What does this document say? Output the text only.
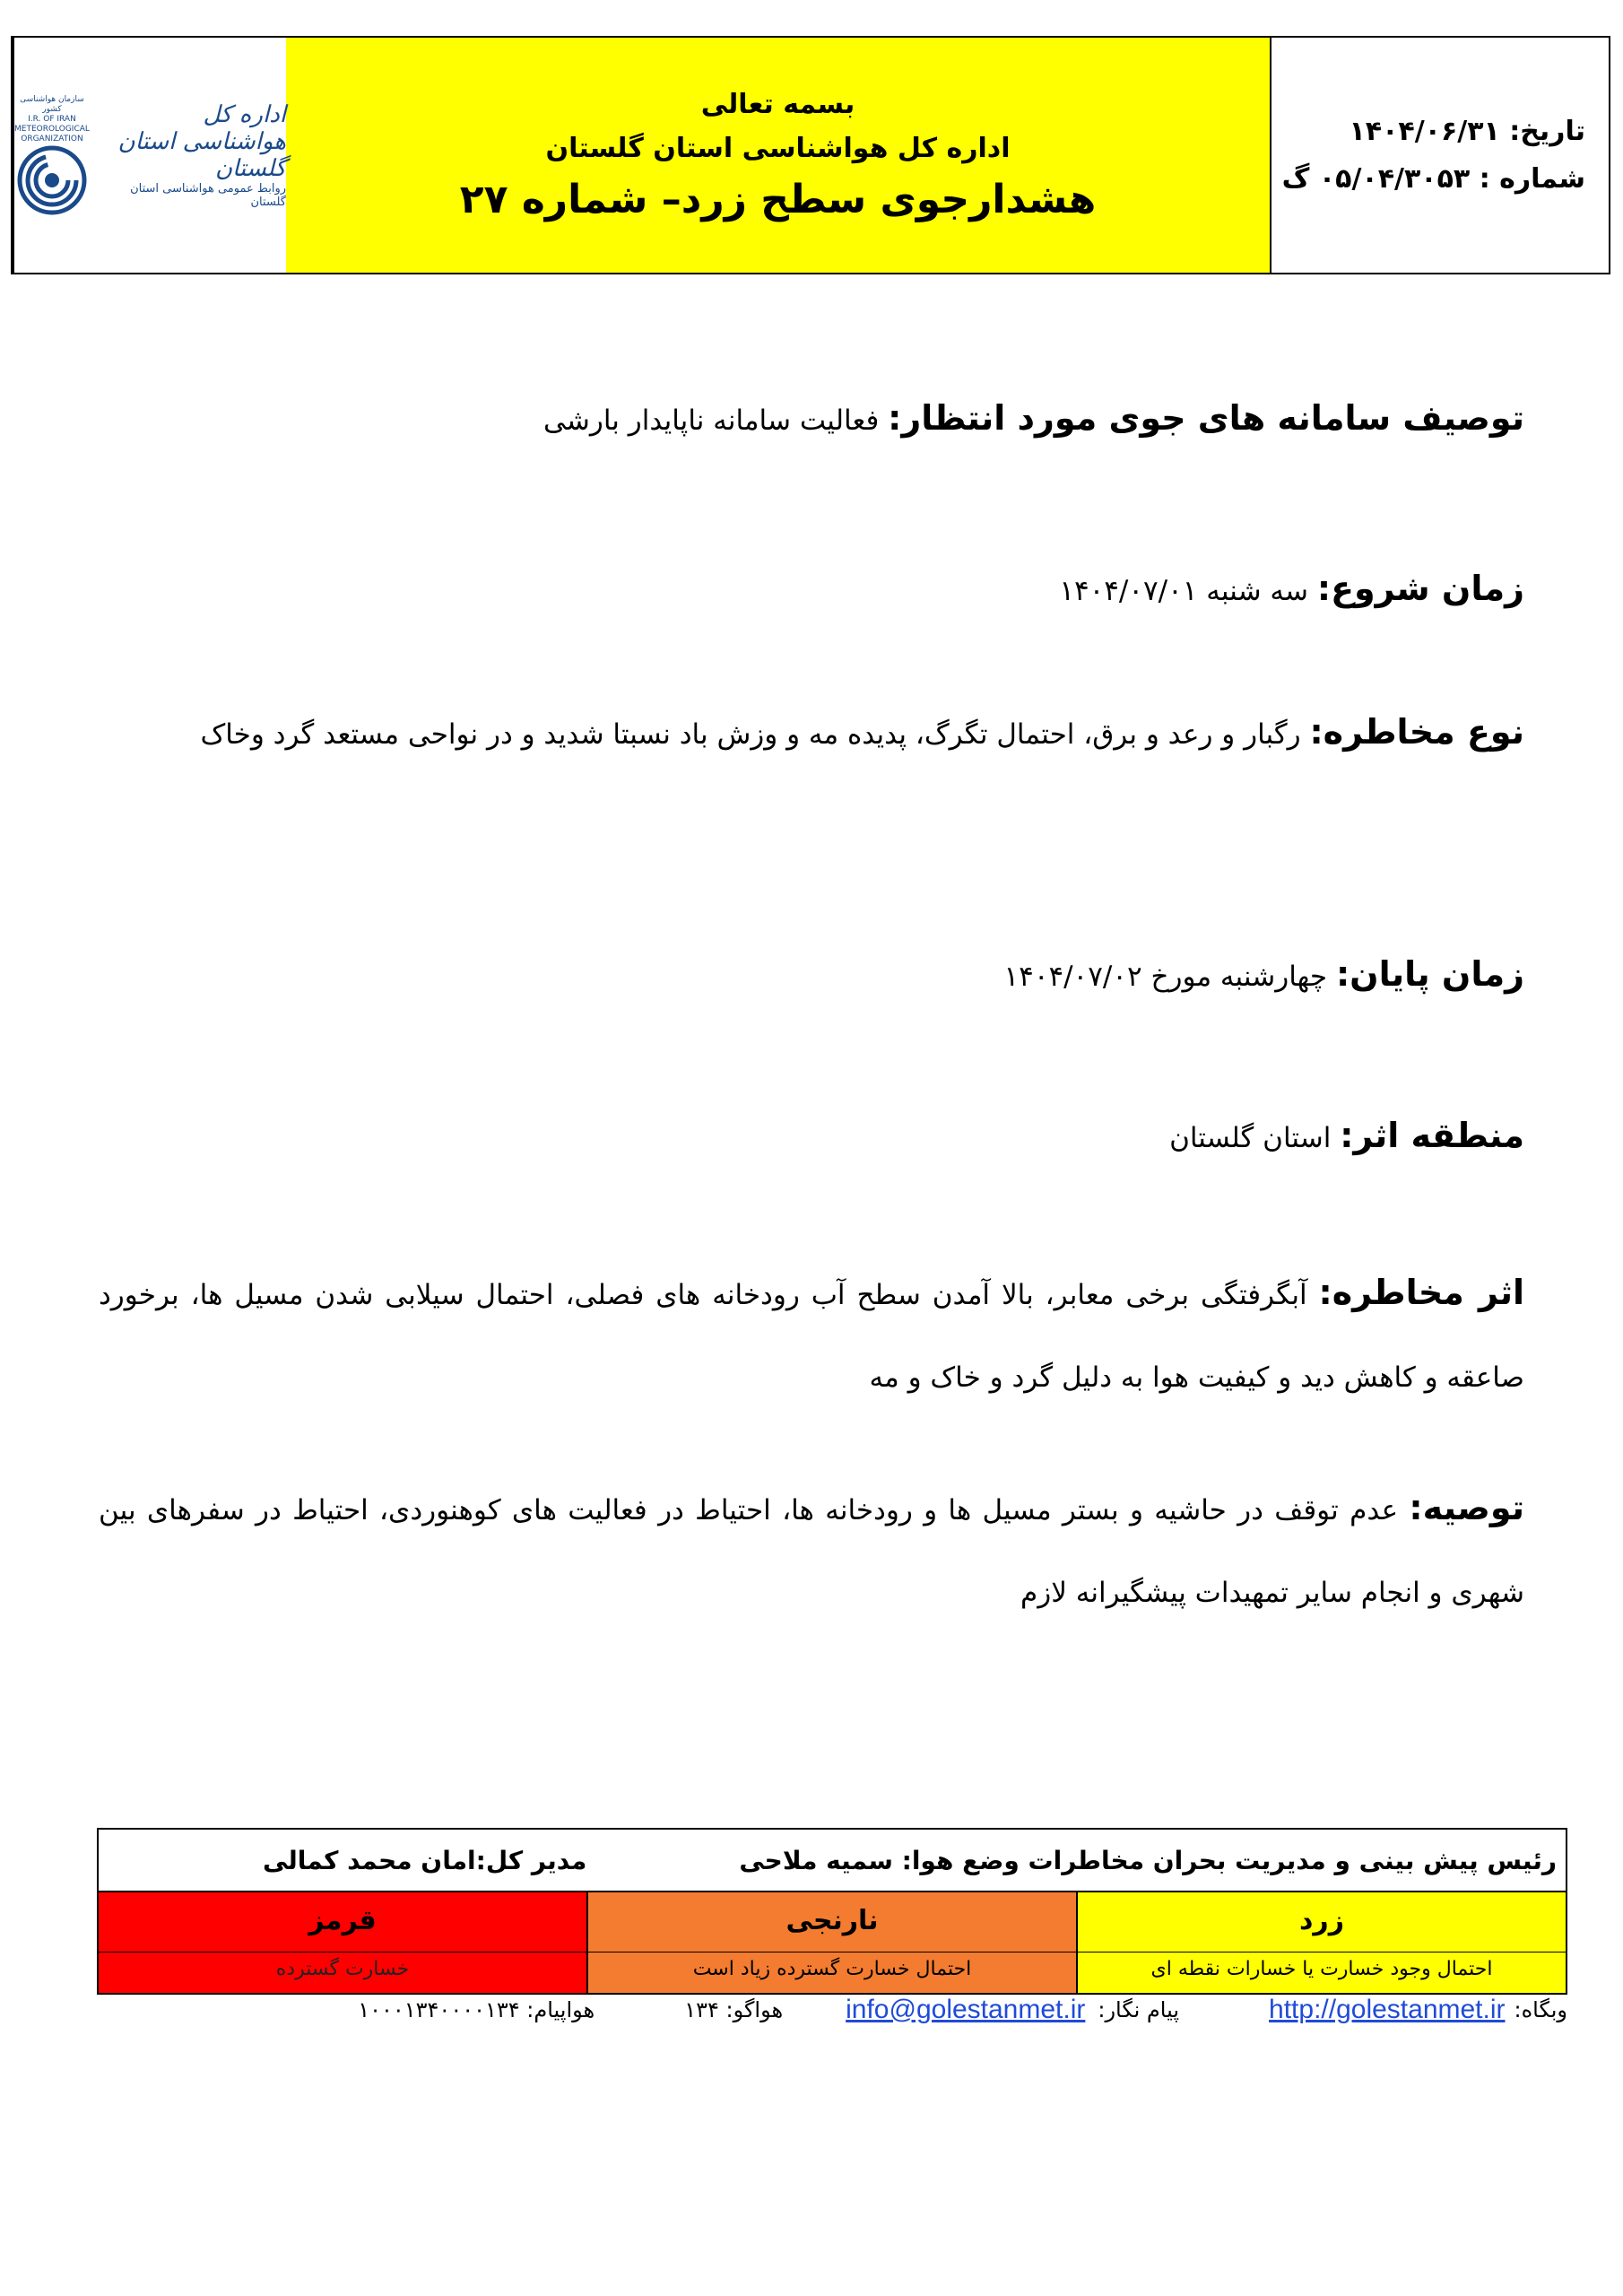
تاریخ: ۱۴۰۴/۰۶/۳۱
شماره : ۰۵/۰۴/۳۰۵۳ گ
بسمه تعالی
اداره کل هواشناسی استان گلستان
هشدارجوی سطح زرد– شماره ۲۷
اداره کل هواشناسی استان گلستان
روابط عمومی هواشناسی استان گلستان
سازمان هواشناسی کشور
I.R. OF IRAN
METEOROLOGICAL
ORGANIZATION
توصیف سامانه های جوی مورد انتظار: فعالیت سامانه ناپایدار بارشی
زمان شروع: سه شنبه ۱۴۰۴/۰۷/۰۱
نوع مخاطره: رگبار و رعد و برق، احتمال تگرگ، پدیده مه و وزش باد نسبتا شدید و در نواحی مستعد گرد وخاک
زمان پایان: چهارشنبه مورخ ۱۴۰۴/۰۷/۰۲
منطقه اثر: استان گلستان
اثر مخاطره: آبگرفتگی برخی معابر، بالا آمدن سطح آب رودخانه های فصلی، احتمال سیلابی شدن مسیل ها، برخورد صاعقه و کاهش دید و کیفیت هوا به دلیل گرد و خاک و مه
توصیه: عدم توقف در حاشیه و بستر مسیل ها و رودخانه ها، احتیاط در فعالیت های کوهنوردی، احتیاط در سفرهای بین شهری و انجام سایر تمهیدات پیشگیرانه لازم
رئیس پیش بینی و مدیریت بحران مخاطرات وضع هوا: سمیه ملاحی
مدیر کل:امان محمد کمالی
زرد
احتمال وجود خسارت یا خسارات نقطه ای
نارنجی
احتمال خسارت گسترده زیاد است
قرمز
خسارت گسترده
وبگاه:
http://golestanmet.ir
پیام نگار:
info@golestanmet.ir
هواگو: ۱۳۴
هواپیام: ۱۰۰۰۱۳۴۰۰۰۰۱۳۴
